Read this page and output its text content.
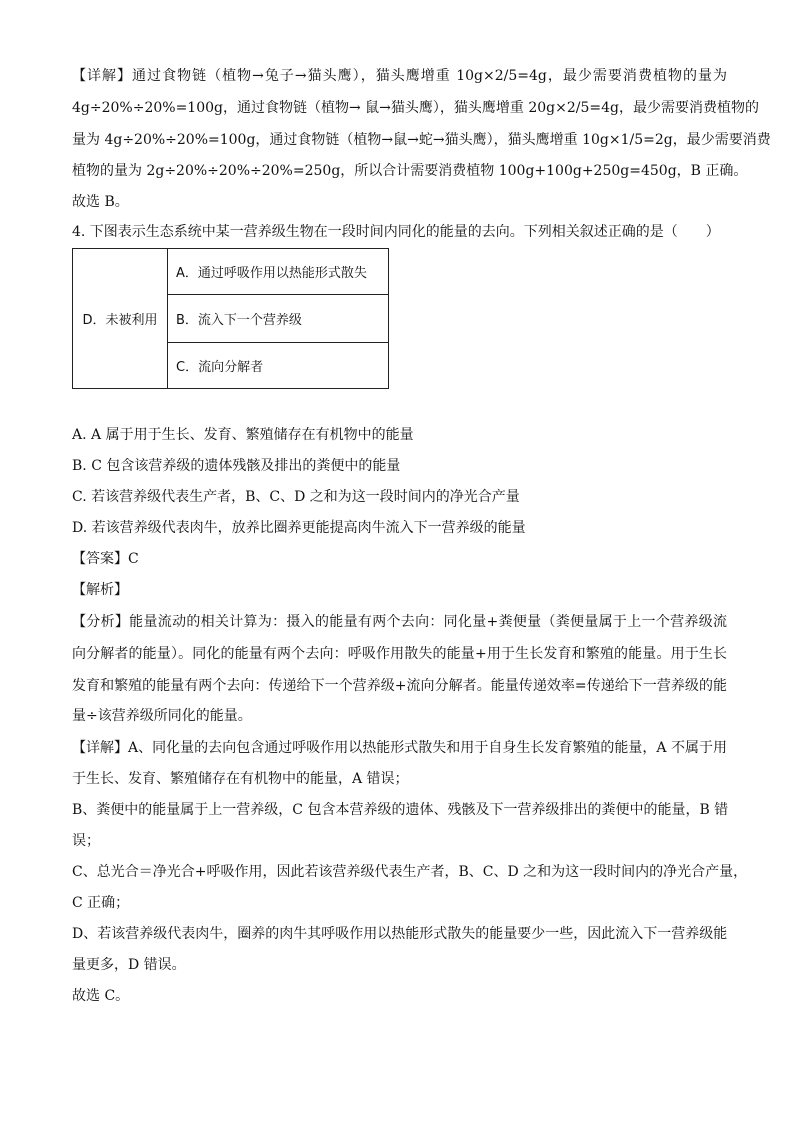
【详解】通过食物链（植物→兔子→猫头鹰），猫头鹰增重 10g×2/5=4g，最少需要消费植物的量为
4g÷20%÷20%=100g，通过食物链（植物→ 鼠→猫头鹰），猫头鹰增重 20g×2/5=4g，最少需要消费植物的
量为 4g÷20%÷20%=100g，通过食物链（植物→鼠→蛇→猫头鹰），猫头鹰增重 10g×1/5=2g，最少需要消费
植物的量为 2g÷20%÷20%÷20%=250g，所以合计需要消费植物 100g+100g+250g=450g，B 正确。
故选 B。
4. 下图表示生态系统中某一营养级生物在一段时间内同化的能量的去向。下列相关叙述正确的是（　　）
D．未被利用	A．通过呼吸作用以热能形式散失
B．流入下一个营养级
C．流向分解者
A. A 属于用于生长、发育、繁殖储存在有机物中的能量
B. C 包含该营养级的遗体残骸及排出的粪便中的能量
C. 若该营养级代表生产者，B、C、D 之和为这一段时间内的净光合产量
D. 若该营养级代表肉牛，放养比圈养更能提高肉牛流入下一营养级的能量
【答案】C
【解析】
【分析】能量流动的相关计算为：摄入的能量有两个去向：同化量+粪便量（粪便量属于上一个营养级流
向分解者的能量）。同化的能量有两个去向：呼吸作用散失的能量+用于生长发育和繁殖的能量。用于生长
发育和繁殖的能量有两个去向：传递给下一个营养级+流向分解者。能量传递效率=传递给下一营养级的能
量÷该营养级所同化的能量。
【详解】A、同化量的去向包含通过呼吸作用以热能形式散失和用于自身生长发育繁殖的能量，A 不属于用
于生长、发育、繁殖储存在有机物中的能量，A 错误；
B、粪便中的能量属于上一营养级，C 包含本营养级的遗体、残骸及下一营养级排出的粪便中的能量，B 错
误；
C、总光合＝净光合+呼吸作用，因此若该营养级代表生产者，B、C、D 之和为这一段时间内的净光合产量，
C 正确；
D、若该营养级代表肉牛，圈养的肉牛其呼吸作用以热能形式散失的能量要少一些，因此流入下一营养级能
量更多，D 错误。
故选 C。
